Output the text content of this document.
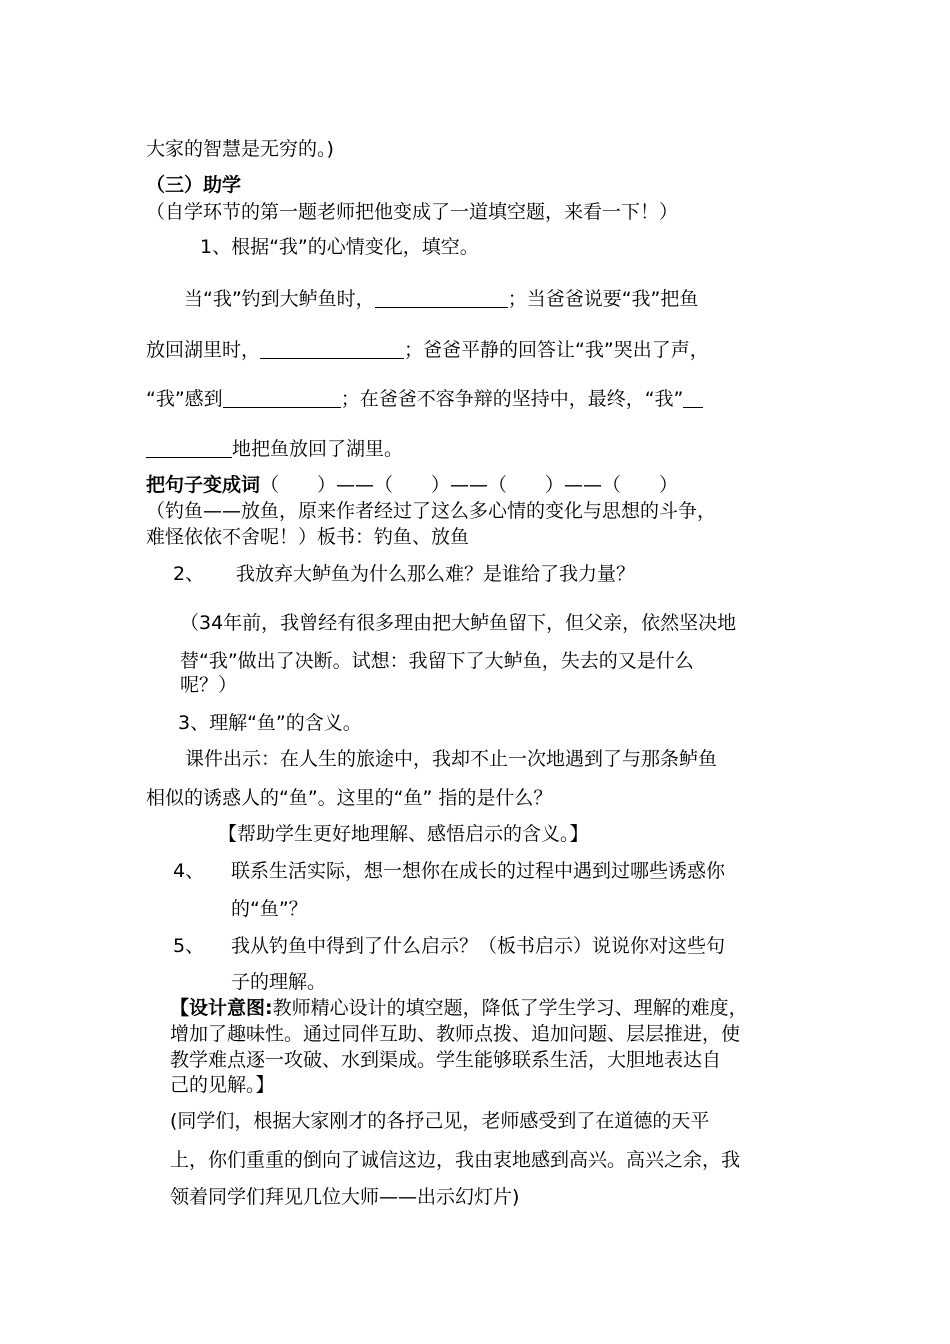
大家的智慧是无穷的。)
（三）助学
（自学环节的第一题老师把他变成了一道填空题，来看一下！）
1、根据“我”的心情变化，填空。
当“我”钓到大鲈鱼时，	；当爸爸说要“我”把鱼
放回湖里时，	；爸爸平静的回答让“我”哭出了声，
“我”感到	；在爸爸不容争辩的坚持中，最终，“我”
地把鱼放回了湖里。
把句子变成词（　　）——（　　）——（　　）——（　　）
（钓鱼——放鱼，原来作者经过了这么多心情的变化与思想的斗争，
难怪依依不舍呢！）板书：钓鱼、放鱼
2、 我放弃大鲈鱼为什么那么难？是谁给了我力量？
（34年前，我曾经有很多理由把大鲈鱼留下，但父亲，依然坚决地
替“我”做出了决断。试想：我留下了大鲈鱼，失去的又是什么
呢？）
3、理解“鱼”的含义。
课件出示：在人生的旅途中，我却不止一次地遇到了与那条鲈鱼
相似的诱惑人的“鱼”。这里的“鱼” 指的是什么？
【帮助学生更好地理解、感悟启示的含义。】
4、 联系生活实际，想一想你在成长的过程中遇到过哪些诱惑你
的“鱼”？
5、 我从钓鱼中得到了什么启示？（板书启示）说说你对这些句
子的理解。
【设计意图:教师精心设计的填空题，降低了学生学习、理解的难度，
增加了趣味性。通过同伴互助、教师点拨、追加问题、层层推进，使
教学难点逐一攻破、水到渠成。学生能够联系生活，大胆地表达自
己的见解。】
(同学们，根据大家刚才的各抒己见，老师感受到了在道德的天平
上，你们重重的倒向了诚信这边，我由衷地感到高兴。高兴之余，我
领着同学们拜见几位大师——出示幻灯片)
